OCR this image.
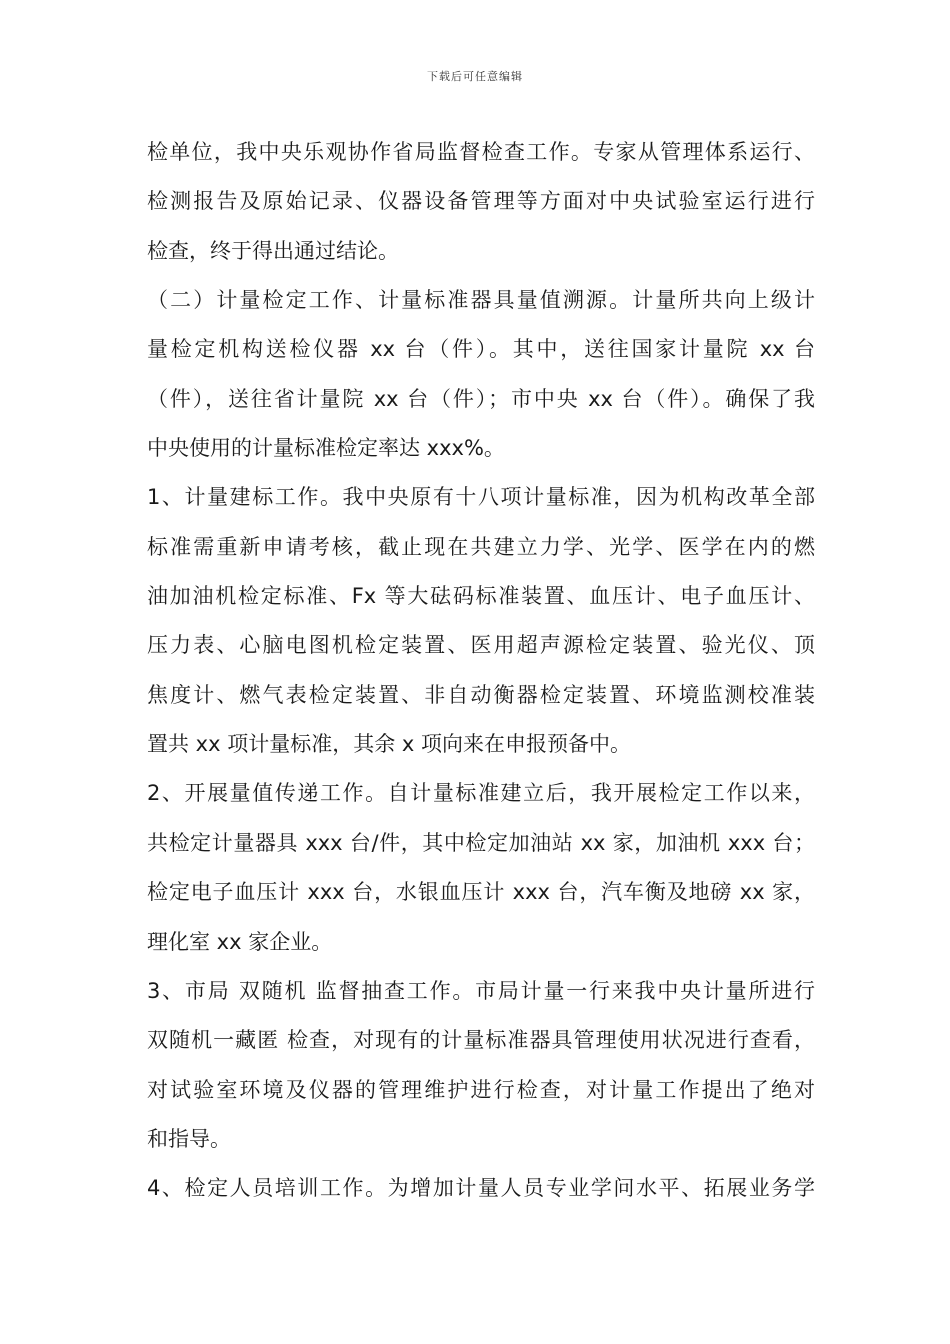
下载后可任意编辑
检单位，我中央乐观协作省局监督检查工作。专家从管理体系运行、
检测报告及原始记录、仪器设备管理等方面对中央试验室运行进行
检查，终于得出通过结论。
（二）计量检定工作、计量标准器具量值溯源。计量所共向上级计
量检定机构送检仪器 xx 台（件）。其中，送往国家计量院 xx 台
（件），送往省计量院 xx 台（件）；市中央 xx 台（件）。确保了我
中央使用的计量标准检定率达 xxx%。
1、计量建标工作。我中央原有十八项计量标准，因为机构改革全部
标准需重新申请考核，截止现在共建立力学、光学、医学在内的燃
油加油机检定标准、Fx 等大砝码标准装置、血压计、电子血压计、
压力表、心脑电图机检定装置、医用超声源检定装置、验光仪、顶
焦度计、燃气表检定装置、非自动衡器检定装置、环境监测校准装
置共 xx 项计量标准，其余 x 项向来在申报预备中。
2、开展量值传递工作。自计量标准建立后，我开展检定工作以来，
共检定计量器具 xxx 台/件，其中检定加油站 xx 家，加油机 xxx 台；
检定电子血压计 xxx 台，水银血压计 xxx 台，汽车衡及地磅 xx 家，
理化室 xx 家企业。
3、市局 双随机 监督抽查工作。市局计量一行来我中央计量所进行
双随机一藏匿 检查，对现有的计量标准器具管理使用状况进行查看，
对试验室环境及仪器的管理维护进行检查，对计量工作提出了绝对
和指导。
4、检定人员培训工作。为增加计量人员专业学问水平、拓展业务学
